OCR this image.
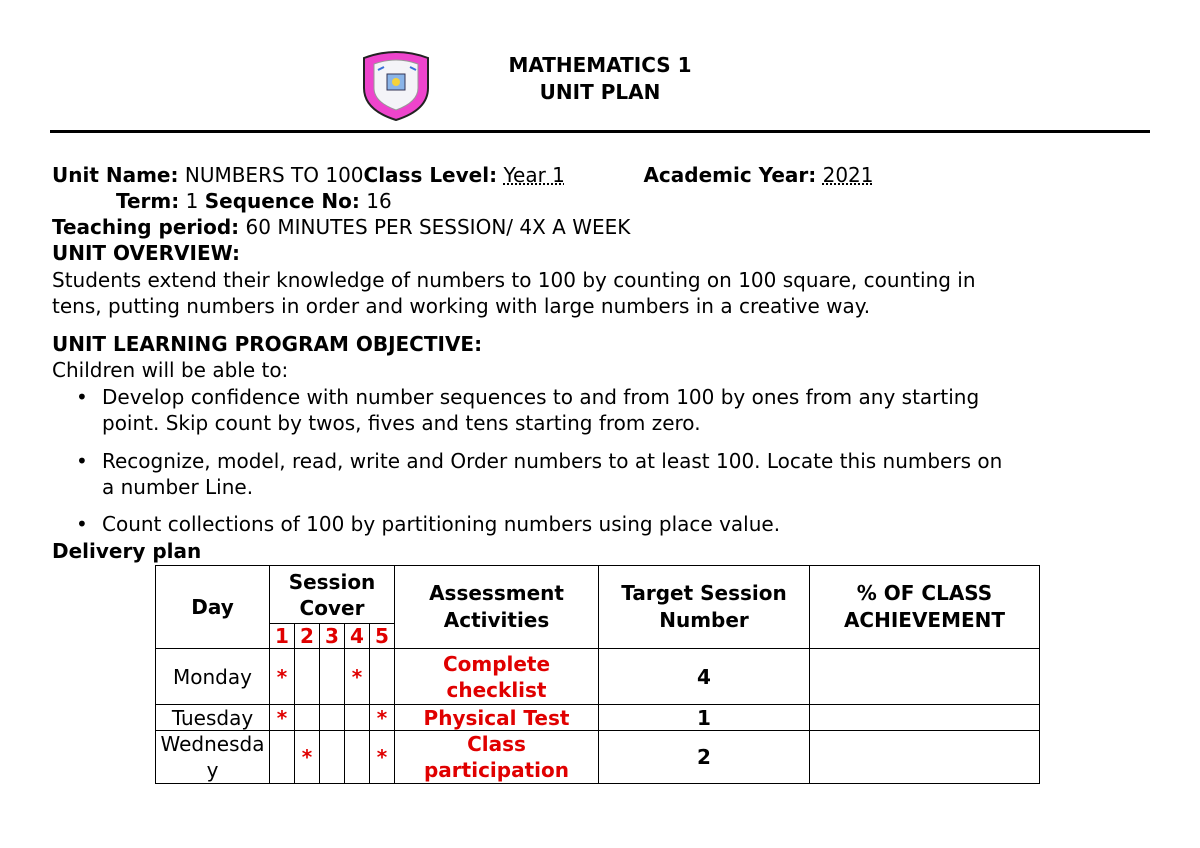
MATHEMATICS 1
UNIT PLAN
Unit Name: NUMBERS TO 100Class Level: Year 1	Academic Year: 2021
Term: 1 Sequence No: 16
Teaching period: 60 MINUTES PER SESSION/ 4X A WEEK
UNIT OVERVIEW:
Students extend their knowledge of numbers to 100 by counting on 100 square, counting in
tens, putting numbers in order and working with large numbers in a creative way.
UNIT LEARNING PROGRAM OBJECTIVE:
Children will be able to:
• Develop confidence with number sequences to and from 100 by ones from any starting
point. Skip count by twos, fives and tens starting from zero.
• Recognize, model, read, write and Order numbers to at least 100. Locate this numbers on
a number Line.
• Count collections of 100 by partitioning numbers using place value.
Delivery plan
Day	Session Cover					Assessment Activities	Target Session Number	% OF CLASS ACHIEVEMENT
	1	2	3	4	5			
Monday	*			*		Complete checklist	4	
Tuesday	*				*	Physical Test	1	
Wednesday		*			*	Class participation	2	
